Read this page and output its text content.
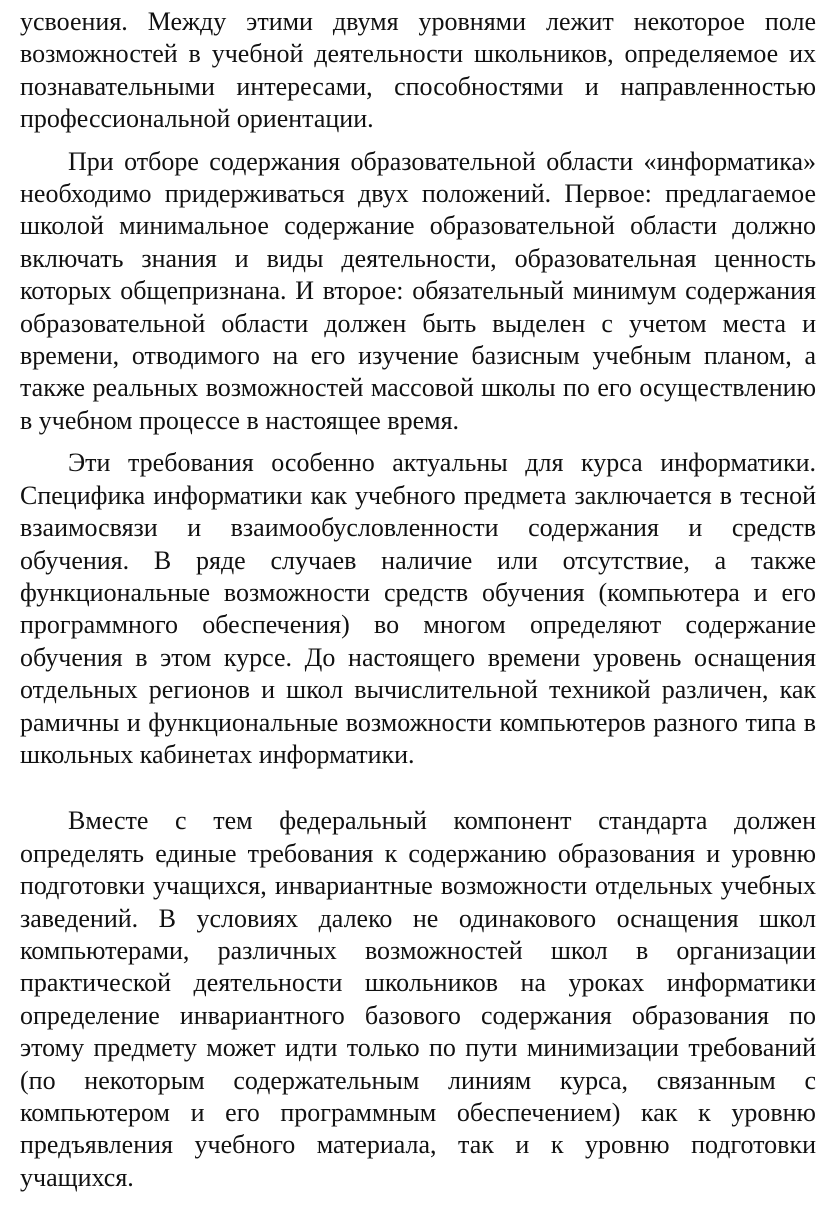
усвоения. Между этими двумя уровнями лежит некоторое поле возможностей в учебной деятельности школьников, определяемое их познавательными интересами, способностями и направленностью профессиональной ориентации.

При отборе содержания образовательной области «информатика» необходимо придерживаться двух положений. Первое: предлагаемое школой минимальное содержание образовательной области должно включать знания и виды деятельности, образовательная ценность которых общепризнана. И второе: обязательный минимум содержания образовательной области должен быть выделен с учетом места и времени, отводимого на его изучение базисным учебным планом, а также реальных возможностей массовой школы по его осуществлению в учебном процессе в настоящее время.

Эти требования особенно актуальны для курса информатики. Специфика информатики как учебного предмета заключается в тесной взаимосвязи и взаимообусловленности содержания и средств обучения. В ряде случаев наличие или отсутствие, а также функциональные возможности средств обучения (компьютера и его программного обеспечения) во многом определяют содержание обучения в этом курсе. До настоящего времени уровень оснащения отдельных регионов и школ вычислительной техникой различен, как рамичны и функциональные возможности компьютеров разного типа в школьных кабинетах информатики.

Вместе с тем федеральный компонент стандарта должен определять единые требования к содержанию образования и уровню подготовки учащихся, инвариантные возможности отдельных учебных заведений. В условиях далеко не одинакового оснащения школ компьютерами, различных возможностей школ в организации практической деятельности школьников на уроках информатики определение инвариантного базового содержания образования по этому предмету может идти только по пути минимизации требований (по некоторым содержательным линиям курса, связанным с компьютером и его программным обеспечением) как к уровню предъявления учебного материала, так и к уровню подготовки учащихся.
